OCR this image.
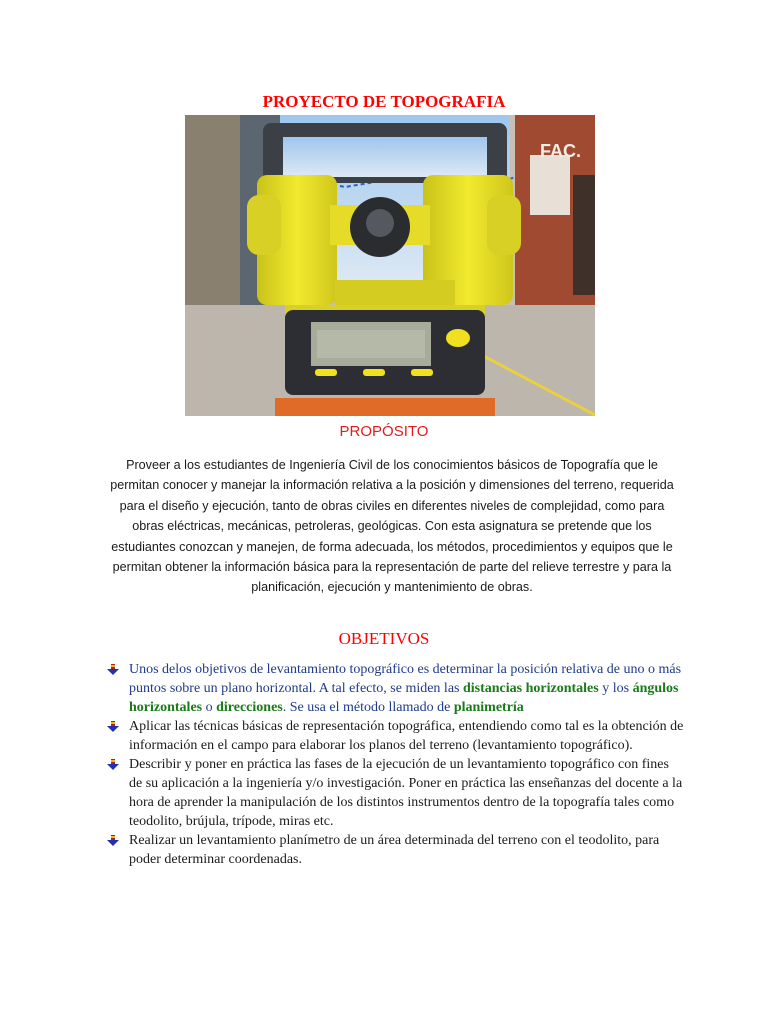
PROYECTO DE TOPOGRAFIA
FAC.
PROPÓSITO
Proveer a los estudiantes de Ingeniería Civil de los conocimientos básicos de Topografía que le permitan conocer y manejar la información relativa a la posición y dimensiones del terreno, requerida para el diseño y ejecución, tanto de obras civiles en diferentes niveles de complejidad, como para obras eléctricas, mecánicas, petroleras, geológicas. Con esta asignatura se pretende que los estudiantes conozcan y manejen, de forma adecuada, los métodos, procedimientos y equipos que le permitan obtener la información básica para la representación de parte del relieve terrestre y para la planificación, ejecución y mantenimiento de obras.
OBJETIVOS
Unos delos objetivos de levantamiento topográfico es determinar la posición relativa de uno o más puntos sobre un plano horizontal. A tal efecto, se miden las distancias horizontales y los ángulos horizontales o direcciones. Se usa el método llamado de planimetría
Aplicar las técnicas básicas de representación topográfica, entendiendo como tal es la obtención de información en el campo para elaborar los planos del terreno (levantamiento topográfico).
Describir y poner en práctica las fases de la ejecución de un levantamiento topográfico con fines de su aplicación a la ingeniería y/o investigación. Poner en práctica las enseñanzas del docente a la hora de aprender la manipulación de los distintos instrumentos dentro de la topografía tales como teodolito, brújula, trípode, miras etc.
Realizar un levantamiento planímetro de un área determinada del terreno con el teodolito, para poder determinar coordenadas.
